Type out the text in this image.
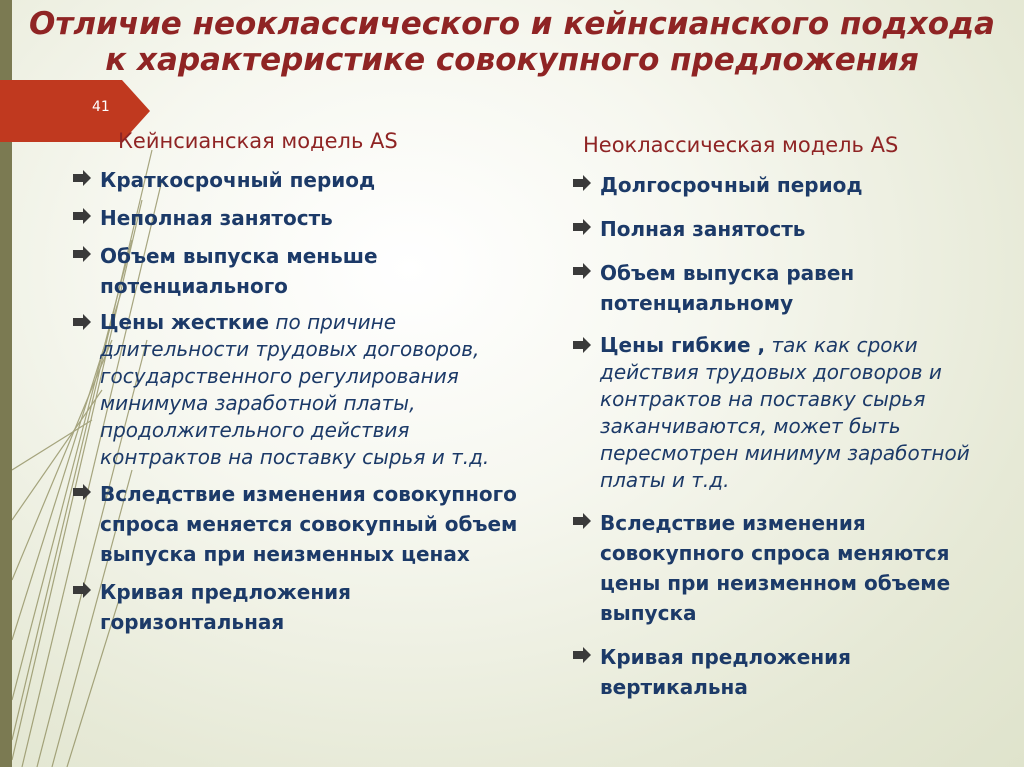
Отличие неоклассического и кейнсианского подхода
к характеристике совокупного предложения
41
Кейнсианская модель AS	Неоклассическая модель AS
Краткосрочный период
Неполная занятость
Объем выпуска меньше потенциального
Цены жесткие по причине длительности трудовых договоров, государственного регулирования минимума заработной платы, продолжительного действия контрактов на поставку сырья и т.д.
Вследствие изменения совокупного спроса меняется совокупный объем выпуска при неизменных ценах
Кривая предложения горизонтальная
Долгосрочный период
Полная занятость
Объем выпуска равен потенциальному
Цены гибкие , так как сроки действия трудовых договоров и контрактов на поставку сырья заканчиваются, может быть пересмотрен минимум заработной платы и т.д.
Вследствие изменения совокупного спроса меняются цены при неизменном объеме выпуска
Кривая предложения вертикальна
